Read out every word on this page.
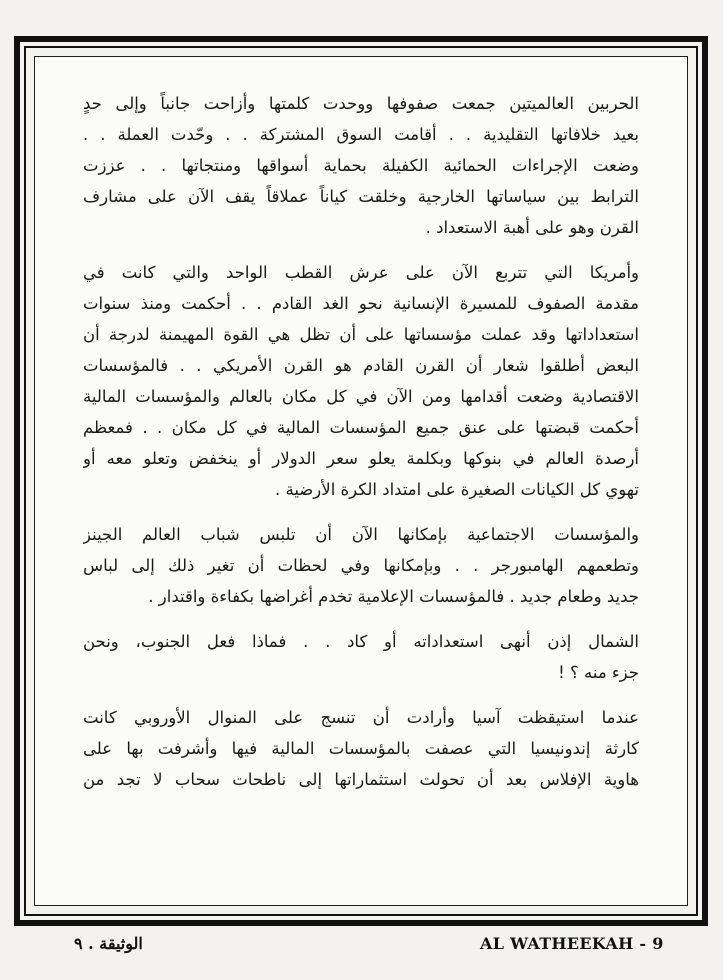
الحربين العالميتين جمعت صفوفها ووحدت كلمتها وأزاحت جانباً وإلى حدٍ
بعيد خلافاتها التقليدية . . أقامت السوق المشتركة . . وحّدت العملة . .
وضعت الإجراءات الحمائية الكفيلة بحماية أسواقها ومنتجاتها . . عززت
الترابط بين سياساتها الخارجية وخلقت كياناً عملاقاً يقف الآن على مشارف
القرن وهو على أهبة الاستعداد .
وأمريكا التي تتربع الآن على عرش القطب الواحد والتي كانت في
مقدمة الصفوف للمسيرة الإنسانية نحو الغد القادم . . أحكمت ومنذ سنوات
استعداداتها وقد عملت مؤسساتها على أن تظل هي القوة المهيمنة لدرجة أن
البعض أطلقوا شعار أن القرن القادم هو القرن الأمريكي . . فالمؤسسات
الاقتصادية وضعت أقدامها ومن الآن في كل مكان بالعالم والمؤسسات المالية
أحكمت قبضتها على عنق جميع المؤسسات المالية في كل مكان . . فمعظم
أرصدة العالم في بنوكها وبكلمة يعلو سعر الدولار أو ينخفض وتعلو معه أو
تهوي كل الكيانات الصغيرة على امتداد الكرة الأرضية .
والمؤسسات الاجتماعية بإمكانها الآن أن تلبس شباب العالم الجينز
وتطعمهم الهامبورجر . . وبإمكانها وفي لحظات أن تغير ذلك إلى لباس
جديد وطعام جديد . فالمؤسسات الإعلامية تخدم أغراضها بكفاءة واقتدار .
الشمال إذن أنهى استعداداته أو كاد . . فماذا فعل الجنوب، ونحن
جزء منه ؟ !
عندما استيقظت آسيا وأرادت أن تنسج على المنوال الأوروبي كانت
كارثة إندونيسيا التي عصفت بالمؤسسات المالية فيها وأشرفت بها على
هاوية الإفلاس بعد أن تحولت استثماراتها إلى ناطحات سحاب لا تجد من
AL WATHEEKAH - 9
الوثيقة . ٩
